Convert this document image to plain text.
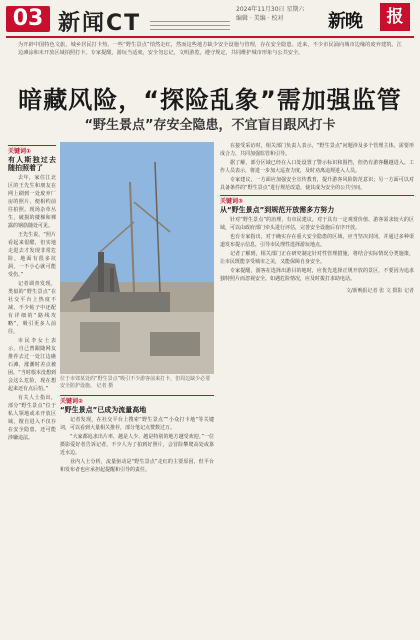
03 新闻CT
2024年11月30日 星期六
编辑 · 美编 · 校对	新晚	报
为开辟中国特色文旅，城乡居民打卡热，一些“野生景点”悄然走红，然而这些地方缺少安全设施与管理，存在安全隐患。近来，不少市民涌向城市边缘的废弃建筑、江边滩涂和未开放区域拍照打卡。专家提醒，游玩当适度，安全勿忘记，文明游览，遵守规定，共同维护城市形象与公共安全。
暗藏风险，“探险乱象”需加强监管
“野生景点”存安全隐患，不宜盲目跟风打卡
关键词①
有人斯独过去随拍照着了

去年，家住江北区的王先生和朋友在网上刷到一处废弃厂房的照片，便相约前往拍照。现场杂草丛生，破损的楼梯和裸露的钢筋随处可见。

王先生说，“照片看起来很酷，但实地走进去才发现非常危险，地面有很多坑洞，一不小心就可能受伤。”

记者调查发现，类似的“野生景点”在社交平台上热度不减，不少帖子中还配有详细的“路线攻略”，吸引更多人前往。

市民李女士表示，自己曾跟随网友推荐去过一处江边礁石滩，涨潮时差点被困。“当时根本没想到会这么危险，现在想起来还有点后怕。”

有关人士指出，部分“野生景点”位于私人领地或未开放区域，擅自进入不仅存在安全隐患，还可能涉嫌违法。

位于市郊某处的“野生景点”吸引不少游客前来打卡，但周边缺少必要安全防护设施。 记者 摄
关键词②
“野生景点”已成为流量高地

记者发现，在社交平台上搜索“野生景点”“小众打卡地”等关键词，可以看到大量相关推荐，部分笔记点赞数过万。

“大家都追求出片率，越是人少、越是特别的地方越受欢迎。”一位摄影爱好者告诉记者，不少人为了拍到好照片，会冒险攀爬高处或靠近水边。

业内人士分析，流量驱动是“野生景点”走红的主要原因，但平台和发布者也应承担起提醒和引导的责任。

在接受采访时，相关部门负责人表示，“野生景点”问题涉及多个管理主体，需要形成合力，共同加强监管和引导。

据了解，部分区域已经在入口处设置了警示标识和围挡，但仍有游客翻越进入。工作人员表示，将进一步加大巡查力度，及时劝离违规进入人员。

专家建议，一方面应加强安全宣传教育，提升游客风险防范意识；另一方面可以对具备条件的“野生景点”进行规范改造，使其成为安全的公共空间。

关键词③
从“野生景点”到规范开放需多方努力

针对“野生景点”的治理，有市民建议，对于具有一定观赏价值、游客需求较大的区域，可以由政府部门牵头进行评估，完善安全设施后有序开放。

也有专家指出，对于确实存在重大安全隐患的区域，应当坚决封闭，并通过多种渠道发布提示信息，引导市民理性选择游玩地点。

记者了解到，相关部门正在研究制定针对性管理措施，将结合实际情况分类施策，让市民既能享受城市之美，又能保障自身安全。

专家提醒，游客在选择出游目的地时，应优先选择正规开放的景区，不要因为追求独特照片而忽视安全。如遇危险情况，应及时拨打求助电话。

文/新晚报记者 张 文 摄影 记者
